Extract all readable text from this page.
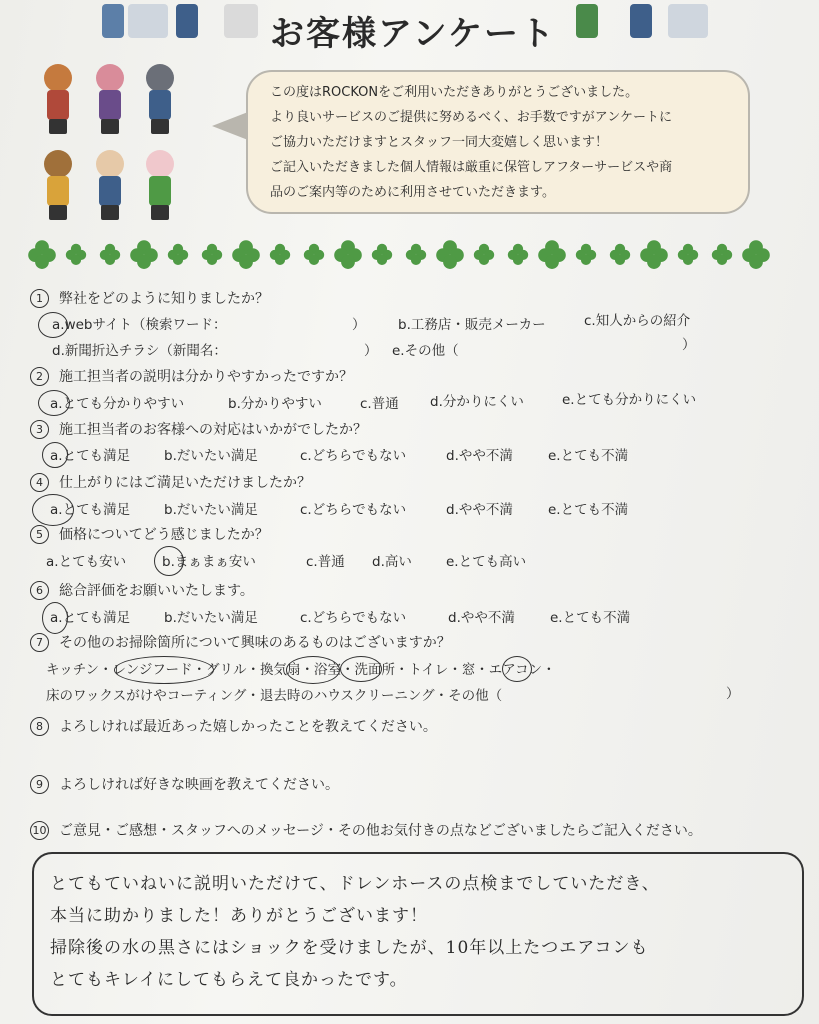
お客様アンケート
この度はROCKONをご利用いただきありがとうございました。
より良いサービスのご提供に努めるべく、お手数ですがアンケートに
ご協力いただけますとスタッフ一同大変嬉しく思います！
ご記入いただきました個人情報は厳重に保管しアフターサービスや商
品のご案内等のために利用させていただきます。
1 弊社をどのように知りましたか？
a.webサイト（検索ワード：	） b.工務店・販売メーカー	c.知人からの紹介
d.新聞折込チラシ（新聞名：	） e.その他（	）
2 施工担当者の説明は分かりやすかったですか？
a.とても分かりやすい	b.分かりやすい	c.普通 d.分かりにくい	e.とても分かりにくい
3 施工担当者のお客様への対応はいかがでしたか？
a.とても満足	b.だいたい満足	c.どちらでもない	d.やや不満	e.とても不満
4 仕上がりにはご満足いただけましたか？
a.とても満足	b.だいたい満足	c.どちらでもない	d.やや不満	e.とても不満
5 価格についてどう感じましたか？
a.とても安い	b.まぁまぁ安い	c.普通 d.高い	e.とても高い
6 総合評価をお願いいたします。
a.とても満足	b.だいたい満足	c.どちらでもない	d.やや不満	e.とても不満
7 その他のお掃除箇所について興味のあるものはございますか？
キッチン・レンジフード・グリル・換気扇・浴室・洗面所・トイレ・窓・エアコン・
床のワックスがけやコーティング・退去時のハウスクリーニング・その他（	）
8 よろしければ最近あった嬉しかったことを教えてください。
9 よろしければ好きな映画を教えてください。
10 ご意見・ご感想・スタッフへのメッセージ・その他お気付きの点などございましたらご記入ください。
とてもていねいに説明いただけて、ドレンホースの点検までしていただき、
本当に助かりました！ありがとうございます！
掃除後の水の黒さにはショックを受けましたが、10年以上たつエアコンも
とてもキレイにしてもらえて良かったです。
